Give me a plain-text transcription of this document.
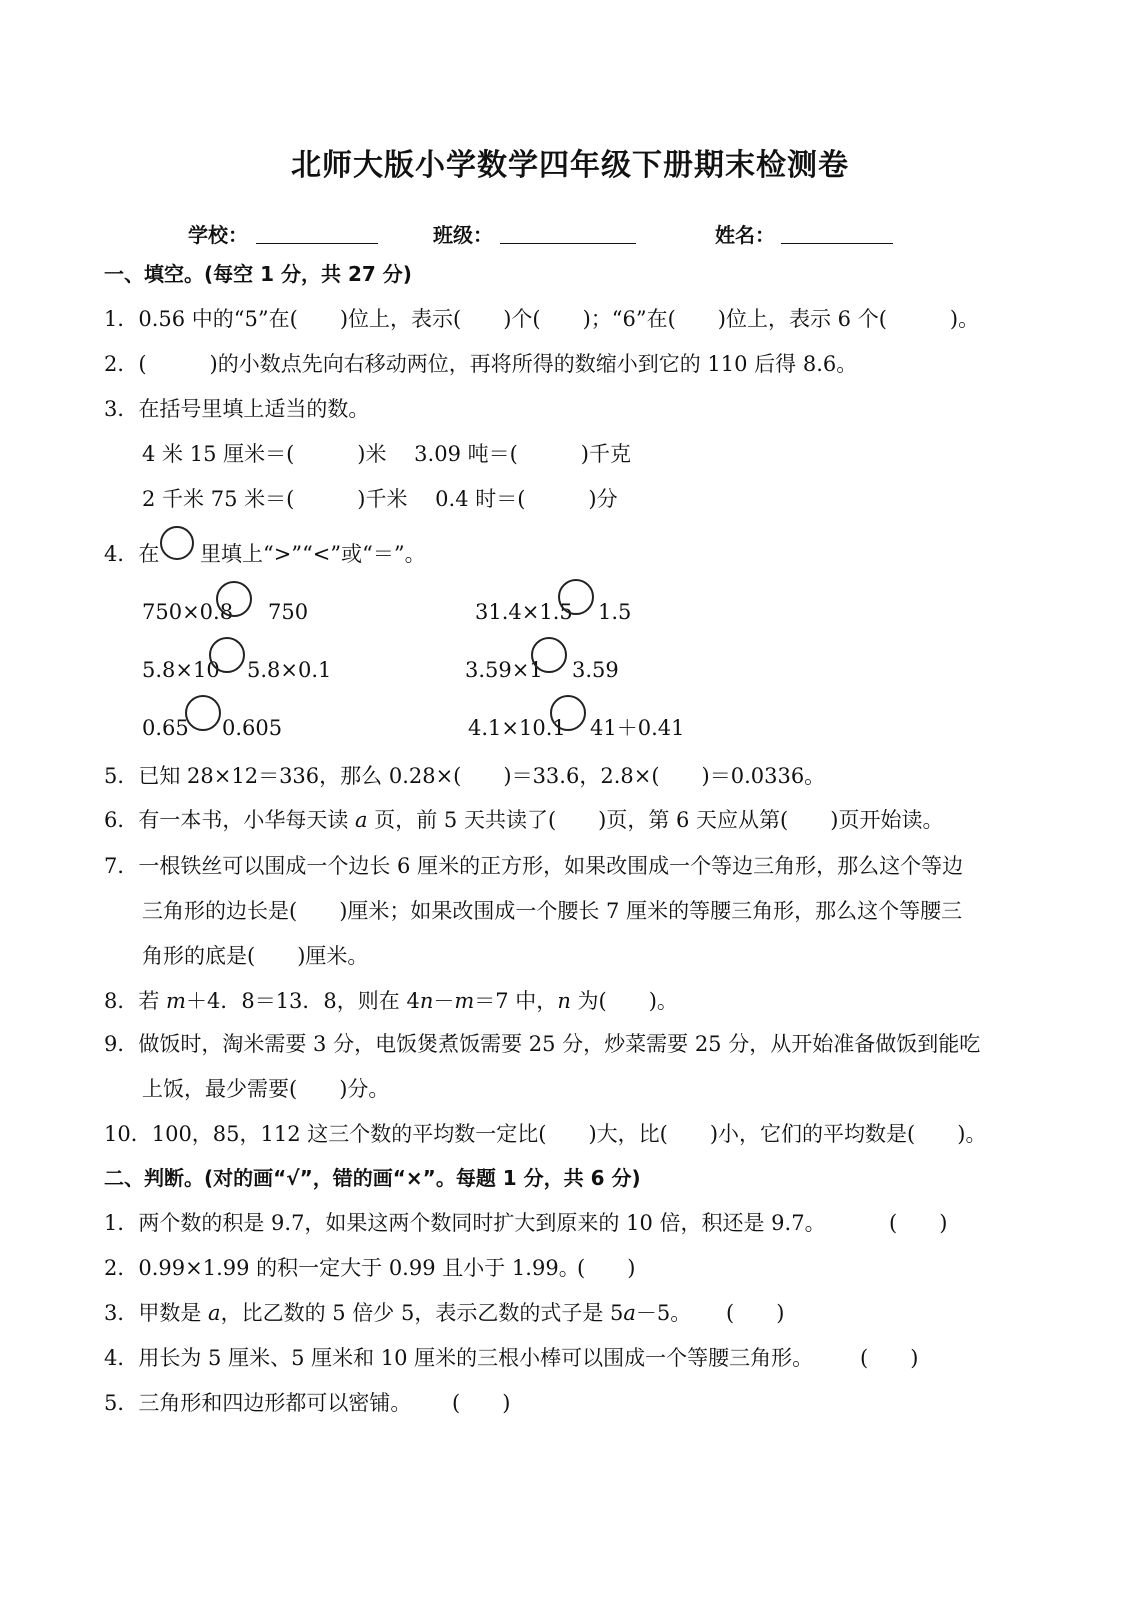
北师大版小学数学四年级下册期末检测卷
学校：	班级：	姓名：
一、填空。(每空 1 分，共 27 分)
1．0.56 中的“5”在(　　)位上，表示(　　)个(　　)；“6”在(　　)位上，表示 6 个(　　　)。
2．(　　　)的小数点先向右移动两位，再将所得的数缩小到它的 110 后得 8.6。
3．在括号里填上适当的数。
4 米 15 厘米＝(　　　)米　 3.09 吨＝(　　　)千克
2 千米 75 米＝(　　　)千米　 0.4 时＝(　　　)分
4．在 里填上“>”“<”或“＝”。
750×0.8 750	31.4×1.5 1.5
5.8×10 5.8×0.1	3.59×1 3.59
0.65 0.605	4.1×10.1 41＋0.41
5．已知 28×12＝336，那么 0.28×(　　)＝33.6，2.8×(　　)＝0.0336。
6．有一本书，小华每天读 a 页，前 5 天共读了(　　)页，第 6 天应从第(　　)页开始读。
7．一根铁丝可以围成一个边长 6 厘米的正方形，如果改围成一个等边三角形，那么这个等边
三角形的边长是(　　)厘米；如果改围成一个腰长 7 厘米的等腰三角形，那么这个等腰三
角形的底是(　　)厘米。
8．若 m＋4．8＝13．8，则在 4n－m＝7 中，n 为(　　)。
9．做饭时，淘米需要 3 分，电饭煲煮饭需要 25 分，炒菜需要 25 分，从开始准备做饭到能吃
上饭，最少需要(　　)分。
10．100，85，112 这三个数的平均数一定比(　　)大，比(　　)小，它们的平均数是(　　)。
二、判断。(对的画“√”，错的画“×”。每题 1 分，共 6 分)
1．两个数的积是 9.7，如果这两个数同时扩大到原来的 10 倍，积还是 9.7。	(　　)
2．0.99×1.99 的积一定大于 0.99 且小于 1.99。
(　　)
3．甲数是 a，比乙数的 5 倍少 5，表示乙数的式子是 5a－5。 (　　)
4．用长为 5 厘米、5 厘米和 10 厘米的三根小棒可以围成一个等腰三角形。 (　　)
5．三角形和四边形都可以密铺。 (　　)
